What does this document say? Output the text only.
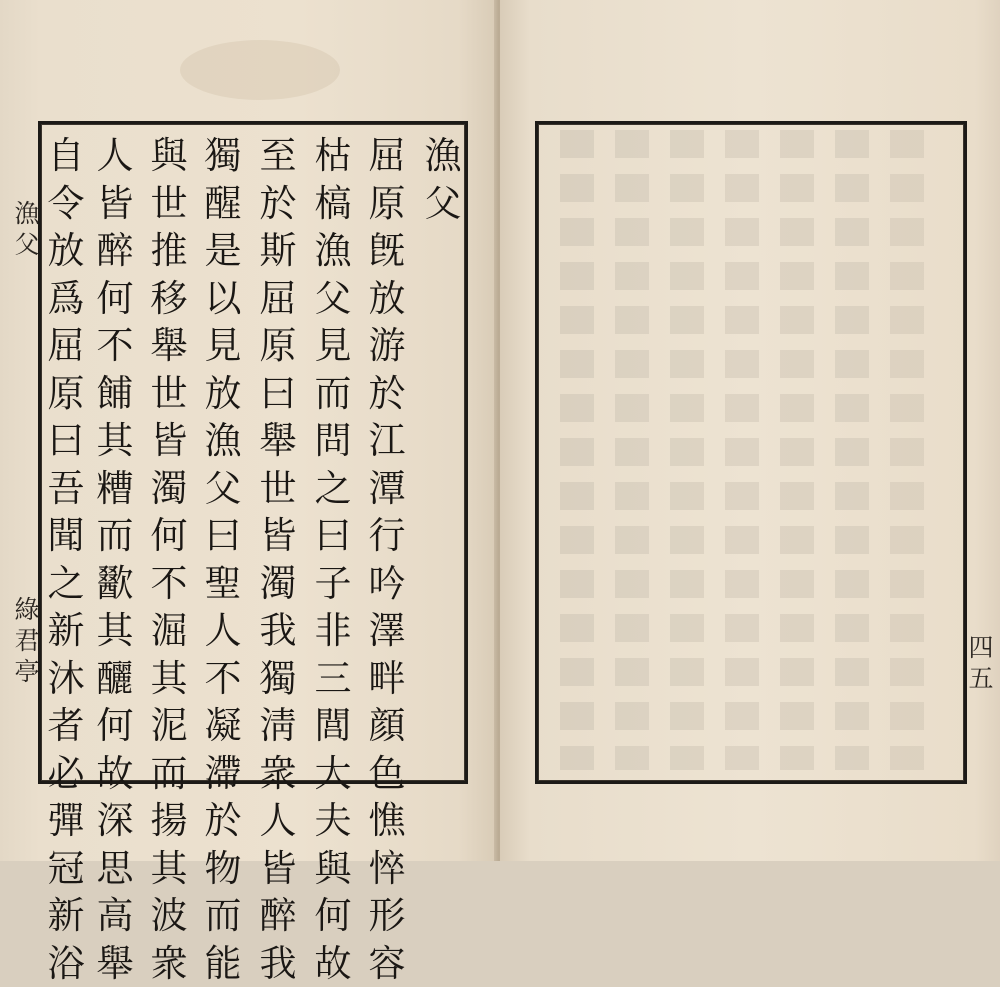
漁
父
綠
君
亭
漁
父
屈
原
旣
放
游
於
江
潭
行
吟
澤
畔
顔
色
憔
悴
形
容
枯
槁
漁
父
見
而
問
之
曰
子
非
三
閭
大
夫
與
何
故
至
於
斯
屈
原
曰
舉
世
皆
濁
我
獨
淸
衆
人
皆
醉
我
獨
醒
是
以
見
放
漁
父
曰
聖
人
不
凝
滯
於
物
而
能
與
世
推
移
舉
世
皆
濁
何
不
淈
其
泥
而
揚
其
波
衆
人
皆
醉
何
不
餔
其
糟
而
歠
其
釃
何
故
深
思
高
舉
自
令
放
爲
屈
原
曰
吾
聞
之
新
沐
者
必
彈
冠
新
浴
四
五
